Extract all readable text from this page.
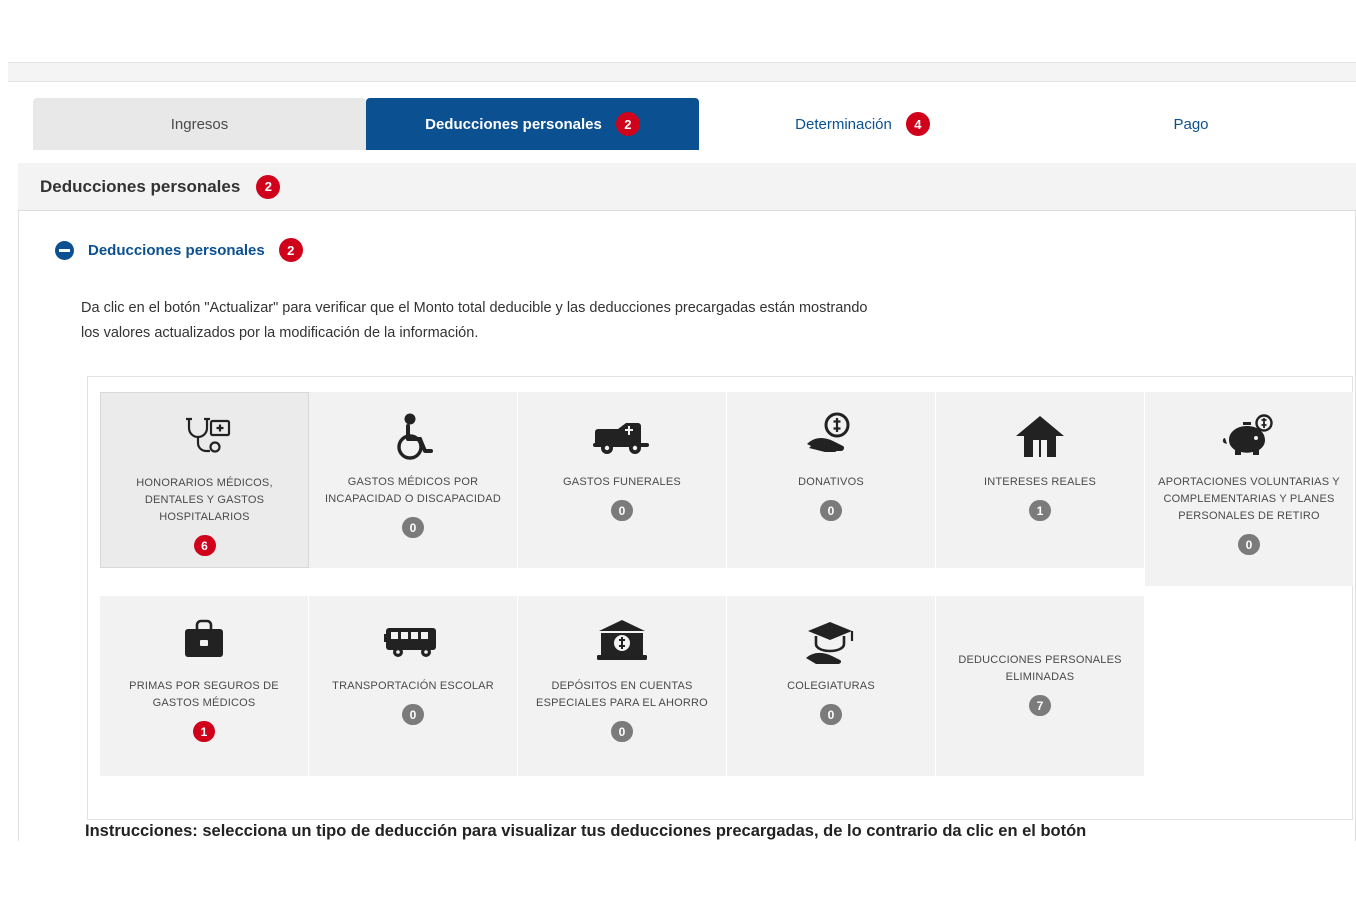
Ingresos	Deducciones personales	2	Determinación	4	Pago
Deducciones personales	2
Deducciones personales	2
Da clic en el botón "Actualizar" para verificar que el Monto total deducible y las deducciones precargadas están mostrando
los valores actualizados por la modificación de la información.
HONORARIOS MÉDICOS, DENTALES Y GASTOS HOSPITALARIOS
6
GASTOS MÉDICOS POR INCAPACIDAD O DISCAPACIDAD
0
GASTOS FUNERALES
0
DONATIVOS
0
INTERESES REALES
1
APORTACIONES VOLUNTARIAS Y COMPLEMENTARIAS Y PLANES PERSONALES DE RETIRO
0
PRIMAS POR SEGUROS DE GASTOS MÉDICOS
1
TRANSPORTACIÓN ESCOLAR
0
DEPÓSITOS EN CUENTAS ESPECIALES PARA EL AHORRO
0
COLEGIATURAS
0
DEDUCCIONES PERSONALES ELIMINADAS
7
Instrucciones: selecciona un tipo de deducción para visualizar tus deducciones precargadas, de lo contrario da clic en el botón
